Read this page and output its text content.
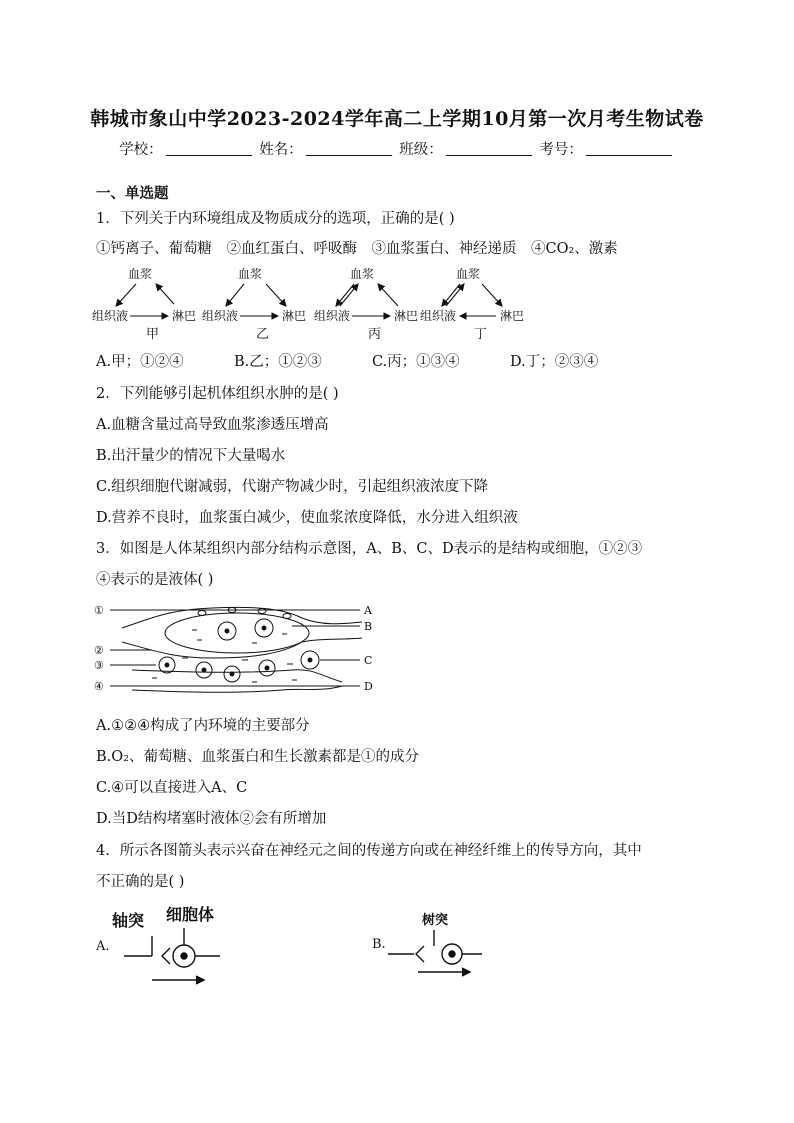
韩城市象山中学2023-2024学年高二上学期10月第一次月考生物试卷
学校：	姓名：	班级：	考号：
一、单选题
1．下列关于内环境组成及物质成分的选项，正确的是( )
①钙离子、葡萄糖　②血红蛋白、呼吸酶　③血浆蛋白、神经递质　④CO₂、激素
血浆
组织液	淋巴
甲
血浆
组织液	淋巴
乙
血浆
组织液	淋巴
丙
血浆
组织液	淋巴
丁
A.甲；①②④	B.乙；①②③	C.丙；①③④	D.丁；②③④
2．下列能够引起机体组织水肿的是( )
A.血糖含量过高导致血浆渗透压增高
B.出汗量少的情况下大量喝水
C.组织细胞代谢减弱，代谢产物减少时，引起组织液浓度下降
D.营养不良时，血浆蛋白减少，使血浆浓度降低，水分进入组织液
3．如图是人体某组织内部分结构示意图，A、B、C、D表示的是结构或细胞，①②③
④表示的是液体( )
①
②
③
④
A
B
C
D
A.①②④构成了内环境的主要部分
B.O₂、葡萄糖、血浆蛋白和生长激素都是①的成分
C.④可以直接进入A、C
D.当D结构堵塞时液体②会有所增加
4．所示各图箭头表示兴奋在神经元之间的传递方向或在神经纤维上的传导方向，其中
不正确的是( )
A.
轴突 细胞体
B.
树突
